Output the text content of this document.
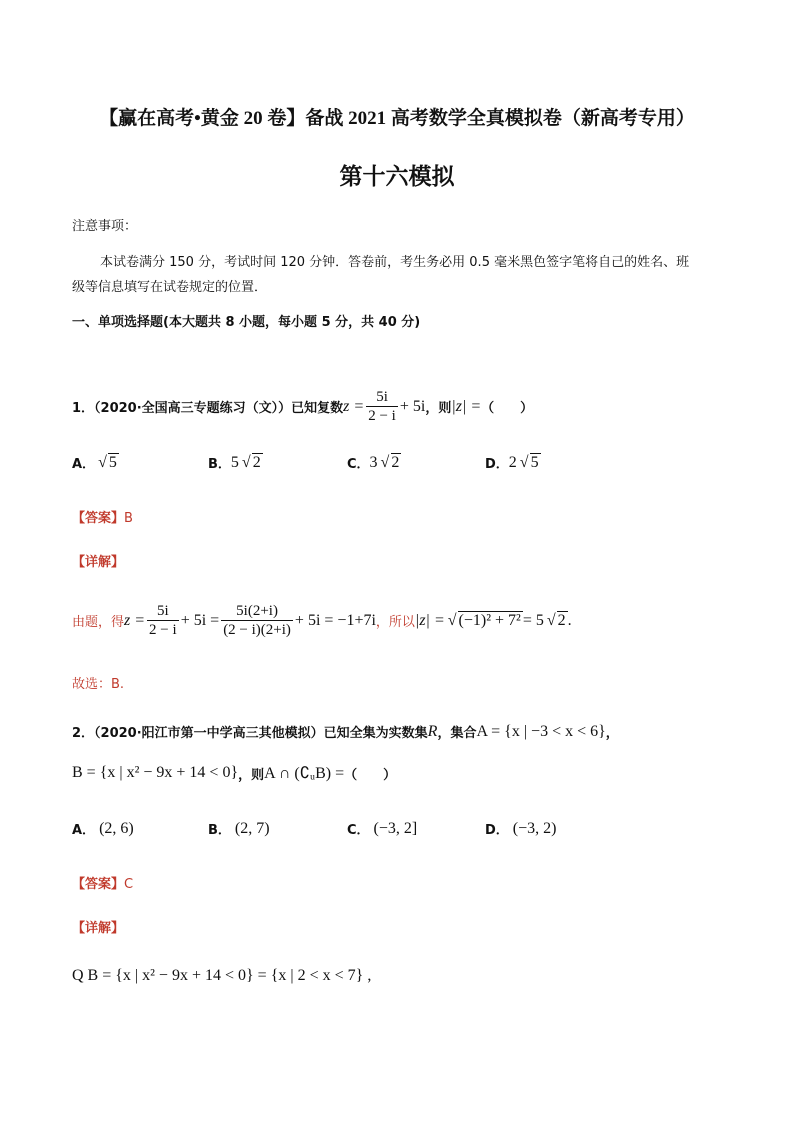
【赢在高考•黄金 20 卷】备战 2021 高考数学全真模拟卷（新高考专用）
第十六模拟
注意事项：
本试卷满分 150 分，考试时间 120 分钟．答卷前，考生务必用 0.5 毫米黑色签字笔将自己的姓名、班
级等信息填写在试卷规定的位置．
一、单项选择题(本大题共 8 小题，每小题 5 分，共 40 分)
1．（2020·全国高三专题练习（文））已知复数 $z = \frac{5i}{2 - i} + 5i$ ，则 |z| = （　　）
A． √ 5	B． 5 √ 2	C． 3 √ 2	D． 2 √ 5
【答案】B
【详解】
由题，得 $z = \frac{5i}{2 - i} + 5i = \frac{5i(2+i)}{(2 - i)(2+i)} + 5i = -1+7i$ ，所以 |z| = √ (−1)² + 7² = 5 √ 2 .
故选：B.
2．（2020·阳江市第一中学高三其他模拟）已知全集为实数集 R ，集合 A = {x | −3 < x < 6} ，
B = {x | x² − 9x + 14 < 0} ，则 A ∩ (∁ᵤB) = （　　）
A． (2, 6)	B． (2, 7)	C． (−3, 2]	D． (−3, 2)
【答案】C
【详解】
Q B = {x | x² − 9x + 14 < 0} = {x | 2 < x < 7} ,
